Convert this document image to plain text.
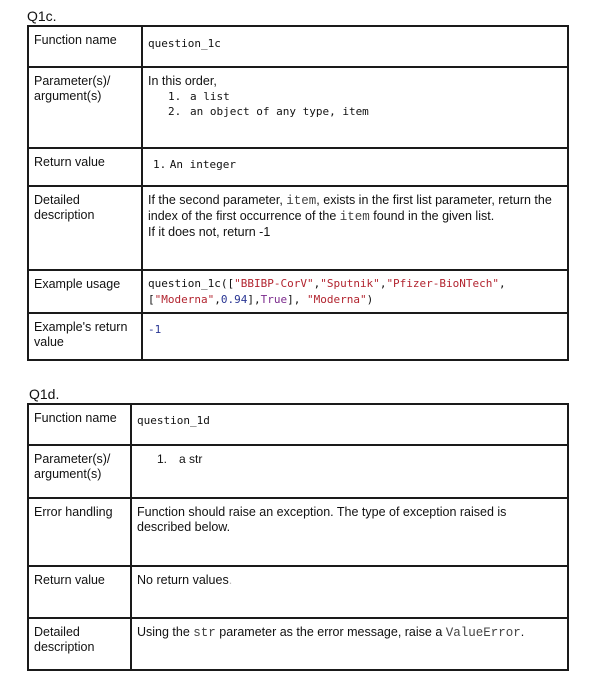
Q1c.
Function name	question_1c
Parameter(s)/ argument(s)	In this order,

1. a list
2. an object of any type, item

Return value	1. An integer
Detailed description	If the second parameter, item, exists in the first list parameter, return the index of the first occurrence of the item found in the given list.

If it does not, return -1

Example usage	question_1c(["BBIBP-CorV","Sputnik","Pfizer-BioNTech",["Moderna",0.94],True], "Moderna")

Example's return value	-1
Q1d.
Function name	question_1d
Parameter(s)/ argument(s)	1. a str

Error handling	Function should raise an exception. The type of exception raised is described below.
Return value	No return values.
Detailed description	Using the str parameter as the error message, raise a ValueError.
